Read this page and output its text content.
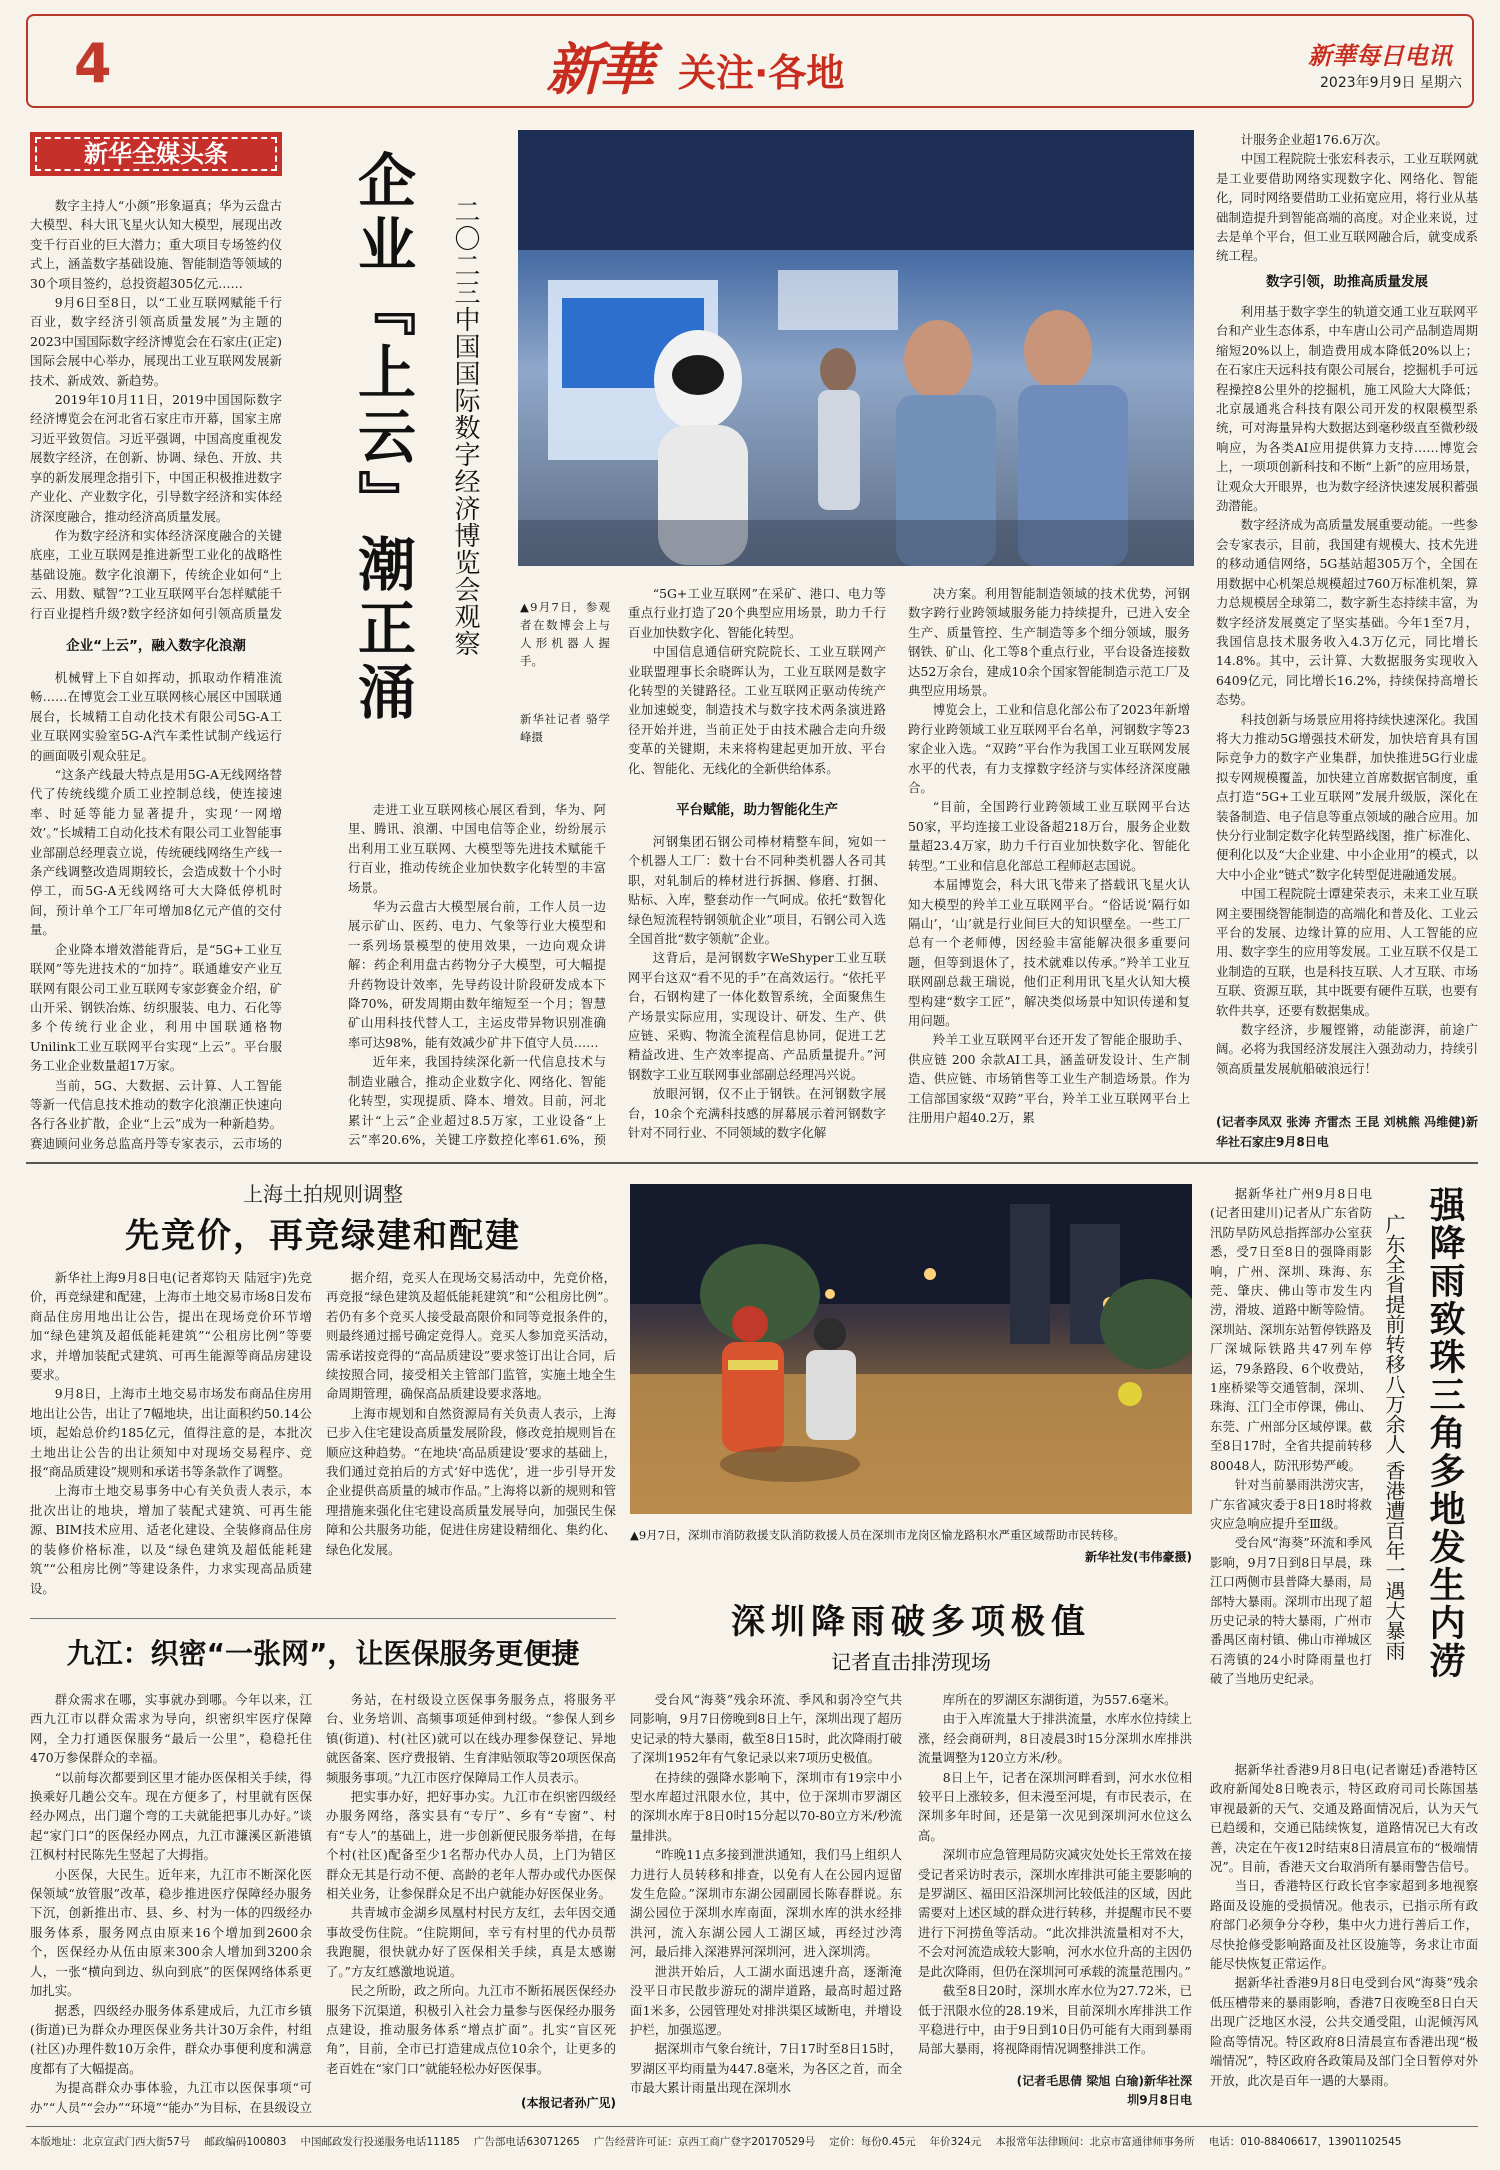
4	新華 关注·各地	新華每日电讯
2023年9月9日 星期六
新华全媒头条

数字主持人“小颜”形象逼真；华为云盘古大模型、科大讯飞星火认知大模型，展现出改变千行百业的巨大潜力；重大项目专场签约仪式上，涵盖数字基础设施、智能制造等领域的30个项目签约，总投资超305亿元……

9月6日至8日，以“工业互联网赋能千行百业，数字经济引领高质量发展”为主题的2023中国国际数字经济博览会在石家庄(正定)国际会展中心举办，展现出工业互联网发展新技术、新成效、新趋势。

2019年10月11日，2019中国国际数字经济博览会在河北省石家庄市开幕，国家主席习近平致贺信。习近平强调，中国高度重视发展数字经济，在创新、协调、绿色、开放、共享的新发展理念指引下，中国正积极推进数字产业化、产业数字化，引导数字经济和实体经济深度融合，推动经济高质量发展。

作为数字经济和实体经济深度融合的关键底座，工业互联网是推进新型工业化的战略性基础设施。数字化浪潮下，传统企业如何“上云、用数、赋智”?工业互联网平台怎样赋能千行百业提档升级?数字经济如何引领高质量发

企业“上云”，融入数字化浪潮

机械臂上下自如挥动，抓取动作精准流畅……在博览会工业互联网核心展区中国联通展台，长城精工自动化技术有限公司5G-A工业互联网实验室5G-A汽车柔性试制产线运行的画面吸引观众驻足。

“这条产线最大特点是用5G-A无线网络替代了传统线缆介质工业控制总线，使连接速率、时延等能力显著提升，实现‘一网增效’。”长城精工自动化技术有限公司工业智能事业部副总经理袁立说，传统硬线网络生产线一条产线调整改造周期较长，会造成数十个小时停工，而5G-A无线网络可大大降低停机时间，预计单个工厂年可增加8亿元产值的交付量。

企业降本增效潜能背后，是“5G+工业互联网”等先进技术的“加持”。联通雄安产业互联网有限公司工业互联网专家彭赛金介绍，矿山开采、钢铁冶炼、纺织服装、电力、石化等多个传统行业企业，利用中国联通格物Unilink工业互联网平台实现“上云”。平台服务工业企业数量超17万家。

当前，5G、大数据、云计算、人工智能等新一代信息技术推动的数字化浪潮正快速向各行各业扩散，企业“上云”成为一种新趋势。赛迪顾问业务总监高丹等专家表示，云市场的

企业『上云』潮正涌 二〇二三中国国际数字经济博览会观察	▲9月7日，参观者在数博会上与人形机器人握手。
新华社记者 骆学峰摄

走进工业互联网核心展区看到，华为、阿里、腾讯、浪潮、中国电信等企业，纷纷展示出利用工业互联网、大模型等先进技术赋能千行百业，推动传统企业加快数字化转型的丰富场景。

华为云盘古大模型展台前，工作人员一边展示矿山、医药、电力、气象等行业大模型和一系列场景模型的使用效果，一边向观众讲解：药企利用盘古药物分子大模型，可大幅提升药物设计效率，先导药设计阶段研发成本下降70%，研发周期由数年缩短至一个月；智慧矿山用科技代替人工，主运皮带异物识别准确率可达98%，能有效减少矿井下值守人员……

近年来，我国持续深化新一代信息技术与制造业融合，推动企业数字化、网络化、智能化转型，实现提质、降本、增效。目前，河北累计“上云”企业超过8.5万家，工业设备“上云”率20.6%，关键工序数控化率61.6%，预

“5G+工业互联网”在采矿、港口、电力等重点行业打造了20个典型应用场景，助力千行百业加快数字化、智能化转型。

中国信息通信研究院院长、工业互联网产业联盟理事长余晓晖认为，工业互联网是数字化转型的关键路径。工业互联网正驱动传统产业加速蜕变，制造技术与数字技术两条演进路径开始并进，当前正处于由技术融合走向升级变革的关键期，未来将构建起更加开放、平台化、智能化、无线化的全新供给体系。

平台赋能，助力智能化生产

河钢集团石钢公司棒材精整车间，宛如一个机器人工厂：数十台不同种类机器人各司其职，对轧制后的棒材进行拆捆、修磨、打捆、贴标、入库，整套动作一气呵成。依托“数智化绿色短流程特钢领航企业”项目，石钢公司入选全国首批“数字领航”企业。

这背后，是河钢数字WeShyper工业互联网平台这双“看不见的手”在高效运行。“依托平台，石钢构建了一体化数智系统，全面聚焦生产场景实际应用，实现设计、研发、生产、供应链、采购、物流全流程信息协同，促进工艺精益改进、生产效率提高、产品质量提升。”河钢数字工业互联网事业部副总经理冯兴说。

放眼河钢，仅不止于钢铁。在河钢数字展台，10余个充满科技感的屏幕展示着河钢数字针对不同行业、不同领域的数字化解

决方案。利用智能制造领域的技术优势，河钢数字跨行业跨领域服务能力持续提升，已进入安全生产、质量管控、生产制造等多个细分领域，服务钢铁、矿山、化工等8个重点行业，平台设备连接数达52万余台，建成10余个国家智能制造示范工厂及典型应用场景。

博览会上，工业和信息化部公布了2023年新增跨行业跨领域工业互联网平台名单，河钢数字等23家企业入选。“双跨”平台作为我国工业互联网发展水平的代表，有力支撑数字经济与实体经济深度融合。

“目前，全国跨行业跨领域工业互联网平台达50家，平均连接工业设备超218万台，服务企业数量超23.4万家，助力千行百业加快数字化、智能化转型。”工业和信息化部总工程师赵志国说。

本届博览会，科大讯飞带来了搭载讯飞星火认知大模型的羚羊工业互联网平台。“俗话说‘隔行如隔山’，‘山’就是行业间巨大的知识壁垒。一些工厂总有一个老师傅，因经验丰富能解决很多重要问题，但等到退休了，技术就难以传承。”羚羊工业互联网副总裁王瑞说，他们正利用讯飞星火认知大模型构建“数字工匠”，解决类似场景中知识传递和复用问题。

羚羊工业互联网平台还开发了智能企服助手、供应链 200 余款AI工具，涵盖研发设计、生产制造、供应链、市场销售等工业生产制造场景。作为工信部国家级“双跨”平台，羚羊工业互联网平台上注册用户超40.2万，累

计服务企业超176.6万次。

中国工程院院士张宏科表示，工业互联网就是工业要借助网络实现数字化、网络化、智能化，同时网络要借助工业拓宽应用，将行业从基础制造提升到智能高端的高度。对企业来说，过去是单个平台，但工业互联网融合后，就变成系统工程。

数字引领，助推高质量发展

利用基于数字孪生的轨道交通工业互联网平台和产业生态体系，中车唐山公司产品制造周期缩短20%以上，制造费用成本降低20%以上；在石家庄天远科技有限公司展台，挖掘机手可远程操控8公里外的挖掘机，施工风险大大降低；北京晟通兆合科技有限公司开发的权限模型系统，可对海量异构大数据达到毫秒级直至微秒级响应，为各类AI应用提供算力支持……博览会上，一项项创新科技和不断“上新”的应用场景，让观众大开眼界，也为数字经济快速发展积蓄强劲潜能。

数字经济成为高质量发展重要动能。一些参会专家表示，目前，我国建有规模大、技术先进的移动通信网络，5G基站超305万个，全国在用数据中心机架总规模超过760万标准机架，算力总规模居全球第二，数字新生态持续丰富，为数字经济发展奠定了坚实基础。今年1至7月，我国信息技术服务收入4.3万亿元，同比增长14.8%。其中，云计算、大数据服务实现收入6409亿元，同比增长16.2%，持续保持高增长态势。

科技创新与场景应用将持续快速深化。我国将大力推动5G增强技术研发，加快培育具有国际竞争力的数字产业集群，加快推进5G行业虚拟专网规模覆盖，加快建立首席数据官制度，重点打造“5G+工业互联网”发展升级版，深化在装备制造、电子信息等重点领域的融合应用。加快分行业制定数字化转型路线图，推广标准化、便利化以及“大企业建、中小企业用”的模式，以大中小企业“链式”数字化转型促进融通发展。

中国工程院院士谭建荣表示，未来工业互联网主要围绕智能制造的高端化和普及化、工业云平台的发展、边缘计算的应用、人工智能的应用、数字孪生的应用等发展。工业互联不仅是工业制造的互联，也是科技互联、人才互联、市场互联、资源互联，其中既要有硬件互联，也要有软件共享，还要有数据集成。

数字经济，步履铿锵，动能澎湃，前途广阔。必将为我国经济发展注入强劲动力，持续引领高质量发展航船破浪远行！

(记者李凤双 张涛 齐雷杰 王昆 刘桃熊 冯维健)新华社石家庄9月8日电
上海土拍规则调整
先竞价，再竞绿建和配建

新华社上海9月8日电(记者郑钧天 陆冠宇)先竞价，再竞绿建和配建，上海市土地交易市场8日发布商品住房用地出让公告，提出在现场竞价环节增加“绿色建筑及超低能耗建筑”“公租房比例”等要求，并增加装配式建筑、可再生能源等商品房建设要求。

9月8日，上海市土地交易市场发布商品住房用地出让公告，出让了7幅地块，出让面积约50.14公顷，起始总价约185亿元，值得注意的是，本批次土地出让公告的出让须知中对现场交易程序、竞报“商品质建设”规则和承诺书等条款作了调整。

上海市土地交易事务中心有关负责人表示，本批次出让的地块，增加了装配式建筑、可再生能源、BIM技术应用、适老化建设、全装修商品住房的装修价格标准，以及“绿色建筑及超低能耗建筑”“公租房比例”等建设条件，力求实现高品质建设。

据介绍，竞买人在现场交易活动中，先竞价格，再竞报“绿色建筑及超低能耗建筑”和“公租房比例”。若仍有多个竞买人接受最高限价和同等竞报条件的，则最终通过摇号确定竞得人。竞买人参加竞买活动，需承诺按竞得的“高品质建设”要求签订出让合同，后续按照合同，接受相关主管部门监管，实施土地全生命周期管理，确保高品质建设要求落地。

上海市规划和自然资源局有关负责人表示，上海已步入住宅建设高质量发展阶段，修改竞拍规则旨在顺应这种趋势。“在地块‘高品质建设’要求的基础上，我们通过竞拍后的方式‘好中选优’，进一步引导开发企业提供高质量的城市作品。”上海将以新的规则和管理措施来强化住宅建设高质量发展导向，加强民生保障和公共服务功能，促进住房建设精细化、集约化、绿色化发展。

九江：织密“一张网”，让医保服务更便捷

群众需求在哪，实事就办到哪。今年以来，江西九江市以群众需求为导向，织密织牢医疗保障网，全力打通医保服务“最后一公里”，稳稳托住470万参保群众的幸福。

“以前每次都要到区里才能办医保相关手续，得换乘好几趟公交车。现在方便多了，村里就有医保经办网点，出门遛个弯的工夫就能把事儿办好。”谈起“家门口”的医保经办网点，九江市濂溪区新港镇江枫村村民陈先生竖起了大拇指。

小医保，大民生。近年来，九江市不断深化医保领域“放管服”改革，稳步推进医疗保障经办服务下沉，创新推出市、县、乡、村为一体的四级经办服务体系，服务网点由原来16个增加到2600余个，医保经办从伍由原来300余人增加到3200余人，一张“横向到边、纵向到底”的医保网络体系更加扎实。

据悉，四级经办服务体系建成后，九江市乡镇(街道)已为群众办理医保业务共计30万余件，村组(社区)办理件数10万余件，群众办事便利度和满意度都有了大幅提高。

为提高群众办事体验，九江市以医保事项“可办”“人员”“会办”“环境”“能办”为目标，在县级设立

务站，在村级设立医保事务服务点，将服务平台、业务培训、高频事项延伸到村级。“参保人到乡镇(街道)、村(社区)就可以在线办理参保登记、异地就医备案、医疗费报销、生育津贴领取等20项医保高频服务事项。”九江市医疗保障局工作人员表示。

把实事办好，把好事办实。九江市在织密四级经办服务网络，落实县有“专厅”、乡有“专窗”、村有“专人”的基础上，进一步创新便民服务举措，在每个村(社区)配备至少1名帮办代办人员，上门为错区群众无其是行动不便、高龄的老年人帮办或代办医保相关业务，让参保群众足不出户就能办好医保业务。

共青城市金湖乡凤凰村村民方友红，去年因交通事故受伤住院。“住院期间，幸亏有村里的代办员帮我跑腿，很快就办好了医保相关手续，真是太感谢了。”方友红感激地说道。

民之所盼，政之所向。九江市不断拓展医保经办服务下沉渠道，积极引入社会力量参与医保经办服务点建设，推动服务体系“增点扩面”。扎实“盲区死角”，目前，全市已打造建成点位10余个，让更多的老百姓在“家门口”就能轻松办好医保事。

(本报记者孙广见)
▲9月7日，深圳市消防救援支队消防救援人员在深圳市龙岗区愉龙路积水严重区域帮助市民转移。
新华社发(韦伟豪摄)
深圳降雨破多项极值
记者直击排涝现场

受台风“海葵”残余环流、季风和弱冷空气共同影响，9月7日傍晚到8日上午，深圳出现了超历史记录的特大暴雨，截至8日15时，此次降雨打破了深圳1952年有气象记录以来7项历史极值。

在持续的强降水影响下，深圳市有19宗中小型水库超过汛限水位，其中，位于深圳市罗湖区的深圳水库于8日0时15分起以70-80立方米/秒流量排洪。

“昨晚11点多接到泄洪通知，我们马上组织人力进行人员转移和排查，以免有人在公园内逗留发生危险。”深圳市东湖公园副园长陈春群说。东湖公园位于深圳水库南面，深圳水库的洪水经排洪河，流入东湖公园人工湖区域，再经过沙湾河，最后排入深港界河深圳河，进入深圳湾。

泄洪开始后，人工湖水面迅速升高，逐渐淹没平日市民散步游玩的湖岸道路，最高时超过路面1米多，公园管理处对排洪渠区域断电，并增设护栏，加强巡逻。

据深圳市气象台统计，7日17时至8日15时，罗湖区平均雨量为447.8毫米，为各区之首，而全市最大累计雨量出现在深圳水

库所在的罗湖区东湖街道，为557.6毫米。

由于入库流量大于排洪流量，水库水位持续上涨，经会商研判，8日凌晨3时15分深圳水库排洪流量调整为120立方米/秒。

8日上午，记者在深圳河畔看到，河水水位相较平日上涨较多，但未漫至河堤，有市民表示，在深圳多年时间，还是第一次见到深圳河水位这么高。

深圳市应急管理局防灾减灾处处长王常效在接受记者采访时表示，深圳水库排洪可能主要影响的是罗湖区、福田区沿深圳河比较低洼的区域，因此需要对上述区域的群众进行转移，并提醒市民不要进行下河捞鱼等活动。“此次排洪流量相对不大，不会对河流造成较大影响，河水水位升高的主因仍是此次降雨，但仍在深圳河可承载的流量范围内。”

截至8日20时，深圳水库水位为27.72米，已低于汛限水位的28.19米，目前深圳水库排洪工作平稳进行中，由于9日到10日仍可能有大雨到暴雨局部大暴雨，将视降雨情况调整排洪工作。

(记者毛思倩 梁旭 白瑜)新华社深圳9月8日电
强降雨致珠三角多地发生内涝
广东全省提前转移八万余人 香港遭百年一遇大暴雨

据新华社广州9月8日电(记者田建川)记者从广东省防汛防旱防风总指挥部办公室获悉，受7日至8日的强降雨影响，广州、深圳、珠海、东莞、肇庆、佛山等市发生内涝，滑坡、道路中断等险情。深圳站、深圳东站暂停铁路及厂深城际铁路共47列车停运，79条路段、6个收费站，1座桥梁等交通管制，深圳、珠海、江门全市停课，佛山、东莞、广州部分区域停课。截至8日17时，全省共提前转移80048人，防汛形势严峻。

针对当前暴雨洪涝灾害，广东省减灾委于8日18时将救灾应急响应提升至Ⅲ级。

受台风“海葵”环流和季风影响，9月7日到8日早晨，珠江口两侧市县普降大暴雨，局部特大暴雨。深圳市出现了超历史记录的特大暴雨，广州市番禺区南村镇、佛山市禅城区石湾镇的24小时降雨量也打破了当地历史纪录。

据新华社香港9月8日电(记者谢廷)香港特区政府新闻处8日晚表示，特区政府司司长陈国基审视最新的天气、交通及路面情况后，认为天气已趋缓和，交通已陆续恢复，道路情况已大有改善，决定在午夜12时结束8日清晨宣布的“极端情况”。目前，香港天文台取消所有暴雨警告信号。

当日，香港特区行政长官李家超到多地视察路面及设施的受损情况。他表示，已指示所有政府部门必须争分夺秒，集中火力进行善后工作，尽快抢修受影响路面及社区设施等，务求让市面能尽快恢复正常运作。

据新华社香港9月8日电受到台风“海葵”残余低压槽带来的暴雨影响，香港7日夜晚至8日白天出现广泛地区水浸，公共交通受阻，山泥倾泻风险高等情况。特区政府8日清晨宣布香港出现“极端情况”，特区政府各政策局及部门全日暂停对外开放，此次是百年一遇的大暴雨。

本版地址：北京宣武门西大街57号 邮政编码100803 中国邮政发行投递服务电话11185 广告部电话63071265 广告经营许可证：京西工商广登字20170529号 定价：每份0.45元 年价324元 本报常年法律顾问：北京市富通律师事务所 电话：010-88406617，13901102545
